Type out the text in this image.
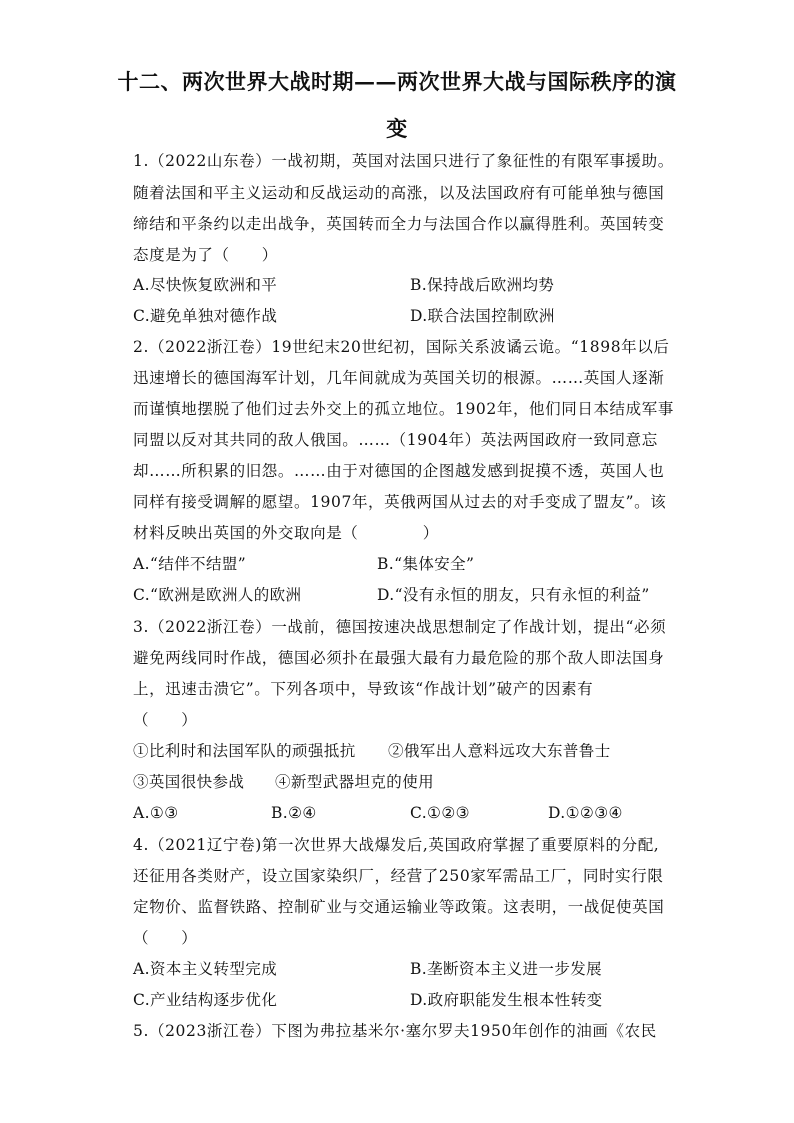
十二、两次世界大战时期——两次世界大战与国际秩序的演
变
1.（2022山东卷）一战初期，英国对法国只进行了象征性的有限军事援助。
随着法国和平主义运动和反战运动的高涨，以及法国政府有可能单独与德国
缔结和平条约以走出战争，英国转而全力与法国合作以赢得胜利。英国转变
态度是为了（　　）
A.尽快恢复欧洲和平	B.保持战后欧洲均势
C.避免单独对德作战	D.联合法国控制欧洲
2.（2022浙江卷）19世纪末20世纪初，国际关系波谲云诡。“1898年以后
迅速增长的德国海军计划，几年间就成为英国关切的根源。……英国人逐渐
而谨慎地摆脱了他们过去外交上的孤立地位。1902年，他们同日本结成军事
同盟以反对其共同的敌人俄国。……（1904年）英法两国政府一致同意忘
却……所积累的旧怨。……由于对德国的企图越发感到捉摸不透，英国人也
同样有接受调解的愿望。1907年，英俄两国从过去的对手变成了盟友”。该
材料反映出英国的外交取向是（　　　　）
A.“结伴不结盟”	B.“集体安全”
C.“欧洲是欧洲人的欧洲	D.“没有永恒的朋友，只有永恒的利益”
3.（2022浙江卷）一战前，德国按速决战思想制定了作战计划，提出“必须
避免两线同时作战，德国必须扑在最强大最有力最危险的那个敌人即法国身
上，迅速击溃它”。下列各项中，导致该“作战计划”破产的因素有
（　　）
①比利时和法国军队的顽强抵抗 ②俄军出人意料远攻大东普鲁士
③英国很快参战 ④新型武器坦克的使用
A.①③	B.②④	C.①②③	D.①②③④
4.（2021辽宁卷)第一次世界大战爆发后,英国政府掌握了重要原料的分配,
还征用各类财产，设立国家染织厂，经营了250家军需品工厂，同时实行限
定物价、监督铁路、控制矿业与交通运输业等政策。这表明，一战促使英国
（　　）
A.资本主义转型完成	B.垄断资本主义进一步发展
C.产业结构逐步优化	D.政府职能发生根本性转变
5.（2023浙江卷）下图为弗拉基米尔·塞尔罗夫1950年创作的油画《农民
